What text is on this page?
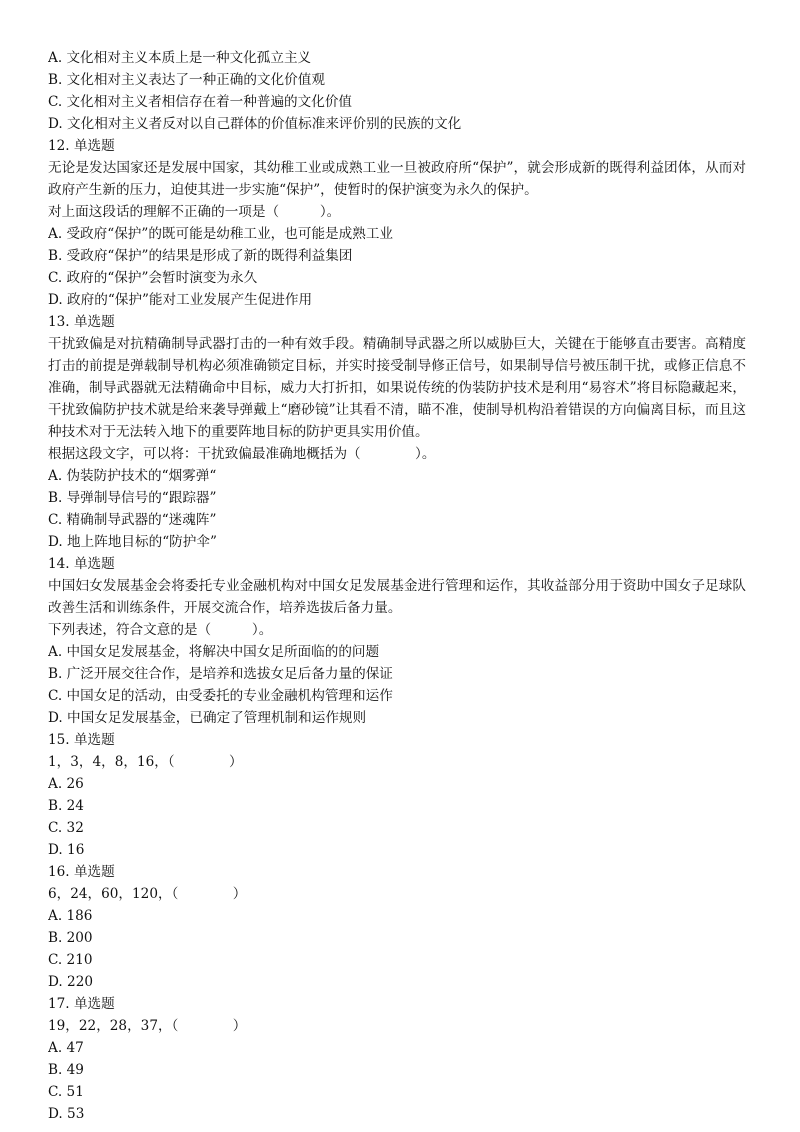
A. 文化相对主义本质上是一种文化孤立主义
B. 文化相对主义表达了一种正确的文化价值观
C. 文化相对主义者相信存在着一种普遍的文化价值
D. 文化相对主义者反对以自己群体的价值标准来评价别的民族的文化
12. 单选题
无论是发达国家还是发展中国家，其幼稚工业或成熟工业一旦被政府所“保护”，就会形成新的既得利益团体，从而对政府产生新的压力，迫使其进一步实施“保护”，使暂时的保护演变为永久的保护。
对上面这段话的理解不正确的一项是（　　　）。
A. 受政府“保护”的既可能是幼稚工业，也可能是成熟工业
B. 受政府“保护”的结果是形成了新的既得利益集团
C. 政府的“保护”会暂时演变为永久
D. 政府的“保护”能对工业发展产生促进作用
13. 单选题
干扰致偏是对抗精确制导武器打击的一种有效手段。精确制导武器之所以威胁巨大，关键在于能够直击要害。高精度打击的前提是弹载制导机构必须准确锁定目标，并实时接受制导修正信号，如果制导信号被压制干扰，或修正信息不准确，制导武器就无法精确命中目标，威力大打折扣，如果说传统的伪装防护技术是利用“易容术”将目标隐藏起来，干扰致偏防护技术就是给来袭导弹戴上“磨砂镜”让其看不清，瞄不准，使制导机构沿着错误的方向偏离目标，而且这种技术对于无法转入地下的重要阵地目标的防护更具实用价值。
根据这段文字，可以将：干扰致偏最准确地概括为（　　　　）。
A. 伪装防护技术的“烟雾弹“
B. 导弹制导信号的“跟踪器”
C. 精确制导武器的“迷魂阵”
D. 地上阵地目标的“防护伞”
14. 单选题
中国妇女发展基金会将委托专业金融机构对中国女足发展基金进行管理和运作，其收益部分用于资助中国女子足球队改善生活和训练条件，开展交流合作，培养选拔后备力量。
下列表述，符合文意的是（　　　）。
A. 中国女足发展基金，将解决中国女足所面临的的问题
B. 广泛开展交往合作，是培养和选拔女足后备力量的保证
C. 中国女足的活动，由受委托的专业金融机构管理和运作
D. 中国女足发展基金，已确定了管理机制和运作规则
15. 单选题
1，3，4，8，16，（　　　　）
A. 26
B. 24
C. 32
D. 16
16. 单选题
6，24，60，120，（　　　　）
A. 186
B. 200
C. 210
D. 220
17. 单选题
19，22，28，37，（　　　　）
A. 47
B. 49
C. 51
D. 53
